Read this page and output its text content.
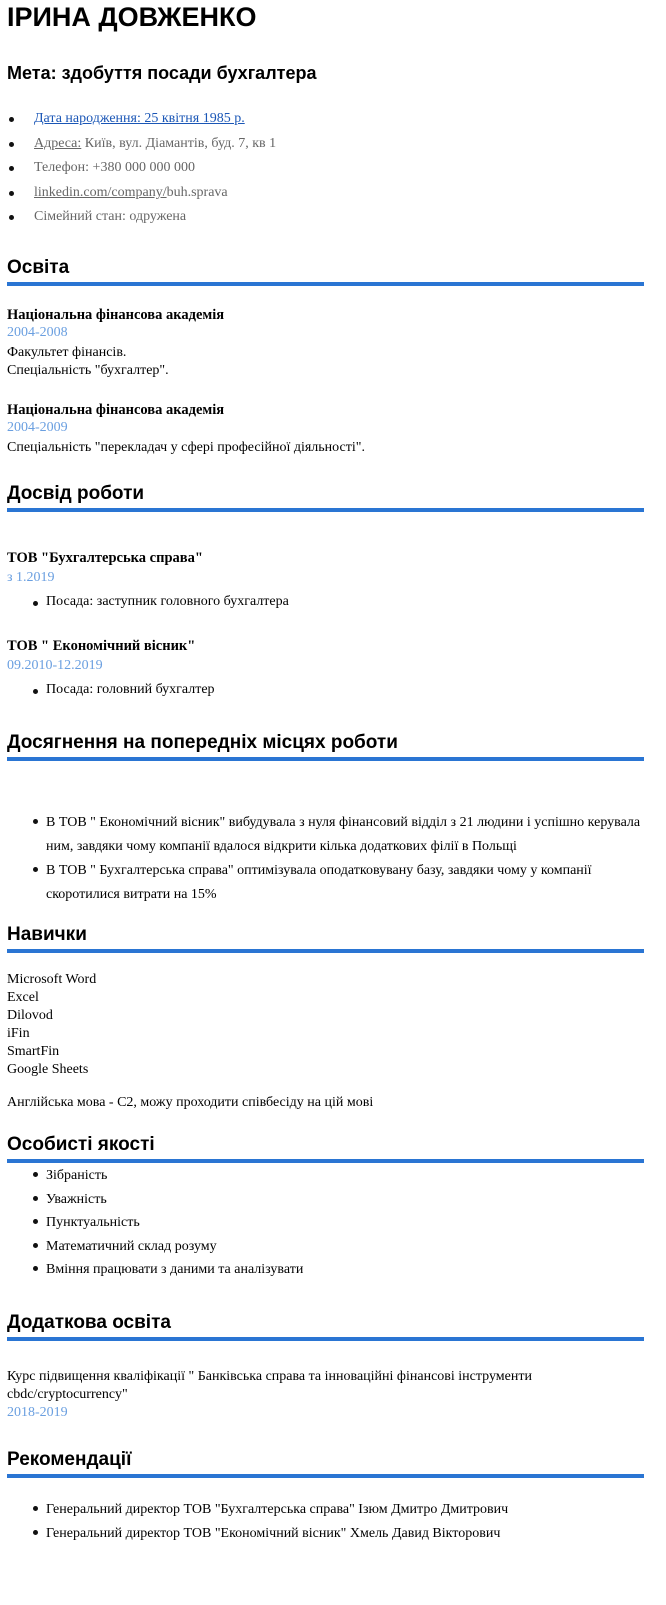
ІРИНА ДОВЖЕНКО
Мета: здобуття посади бухгалтера
Дата народження: 25 квітня 1985 р.
Адреса: Київ, вул. Діамантів, буд. 7, кв 1
Телефон: +380 000 000 000
linkedin.com/company/buh.sprava
Сімейний стан: одружена
Освіта
Національна фінансова академія
2004-2008
Факультет фінансів.
Спеціальність "бухгалтер".
Національна фінансова академія
2004-2009
Спеціальність "перекладач у сфері професійної діяльності".
Досвід роботи
ТОВ "Бухгалтерська справа"
з 1.2019
Посада: заступник головного бухгалтера
ТОВ " Економічний вісник"
09.2010-12.2019
Посада: головний бухгалтер
Досягнення на попередніх місцях роботи
В ТОВ " Економічний вісник" вибудувала з нуля фінансовий відділ з 21 людини і успішно керувала ним, завдяки чому компанії вдалося відкрити кілька додаткових філії в Польщі
В ТОВ " Бухгалтерська справа" оптимізувала оподатковувану базу, завдяки чому у компанії скоротилися витрати на 15%
Навички
Microsoft Word
Excel
Dilovod
iFin
SmartFin
Google Sheets
Англійська мова - С2, можу проходити співбесіду на цій мові
Особисті якості
Зібраність
Уважність
Пунктуальність
Математичний склад розуму
Вміння працювати з даними та аналізувати
Додаткова освіта
Курс підвищення кваліфікації " Банківська справа та інноваційні фінансові інструменти cbdc/cryptocurrency"
2018-2019
Рекомендації
Генеральний директор ТОВ "Бухгалтерська справа" Ізюм Дмитро Дмитрович
Генеральний директор ТОВ "Економічний вісник" Хмель Давид Вікторович
